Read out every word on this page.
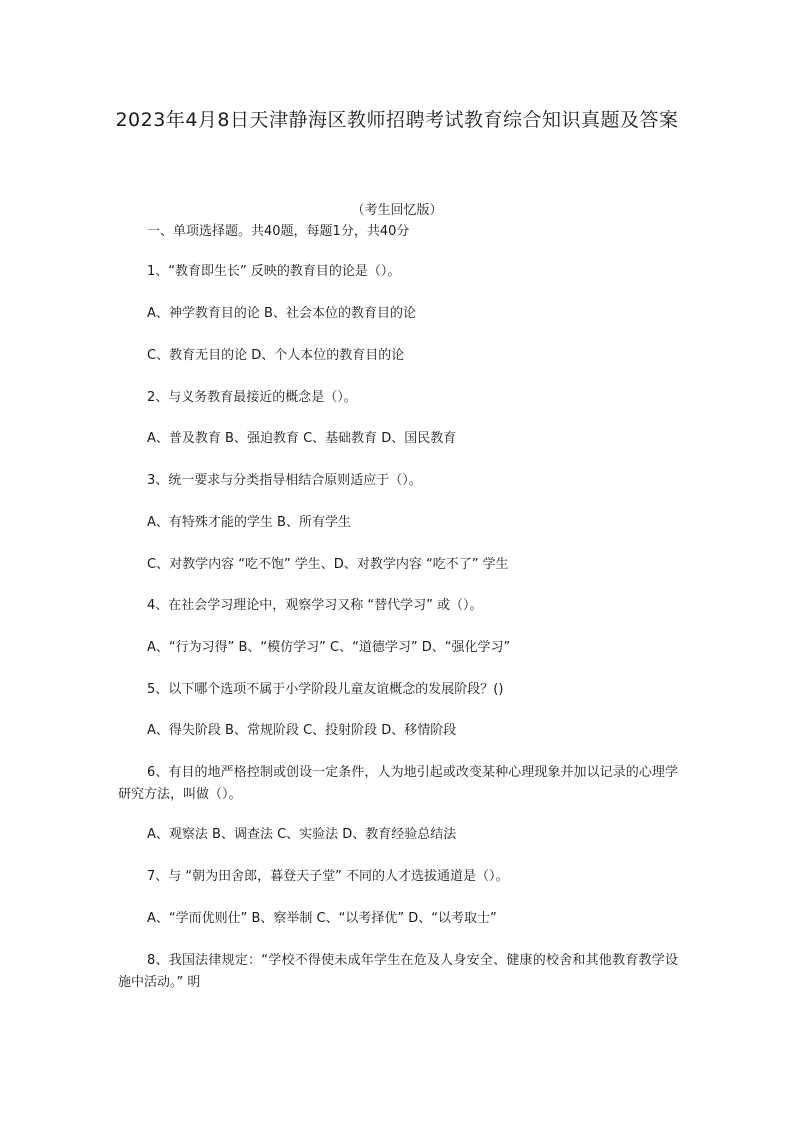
2023年4月8日天津静海区教师招聘考试教育综合知识真题及答案
（考生回忆版）
一、单项选择题。共40题，每题1分，共40分
1、“教育即生长” 反映的教育目的论是（）。
A、神学教育目的论 B、社会本位的教育目的论
C、教育无目的论 D、个人本位的教育目的论
2、与义务教育最接近的概念是（）。
A、普及教育 B、强迫教育 C、基础教育 D、国民教育
3、统一要求与分类指导相结合原则适应于（）。
A、有特殊才能的学生 B、所有学生
C、对教学内容 “吃不饱” 学生、D、对教学内容 “吃不了” 学生
4、在社会学习理论中，观察学习又称 “替代学习” 或（）。
A、“行为习得” B、“模仿学习” C、“道德学习” D、“强化学习”
5、以下哪个选项不属于小学阶段儿童友谊概念的发展阶段？()
A、得失阶段 B、常规阶段 C、投射阶段 D、移情阶段
6、有目的地严格控制或创设一定条件，人为地引起或改变某种心理现象并加以记录的心理学研究方法，叫做（）。
A、观察法 B、调查法 C、实验法 D、教育经验总结法
7、与 “朝为田舍郎，暮登天子堂” 不同的人才选拔通道是（）。
A、“学而优则仕” B、察举制 C、“以考择优” D、“以考取士”
8、我国法律规定：“学校不得使未成年学生在危及人身安全、健康的校舍和其他教育教学设施中活动。” 明
